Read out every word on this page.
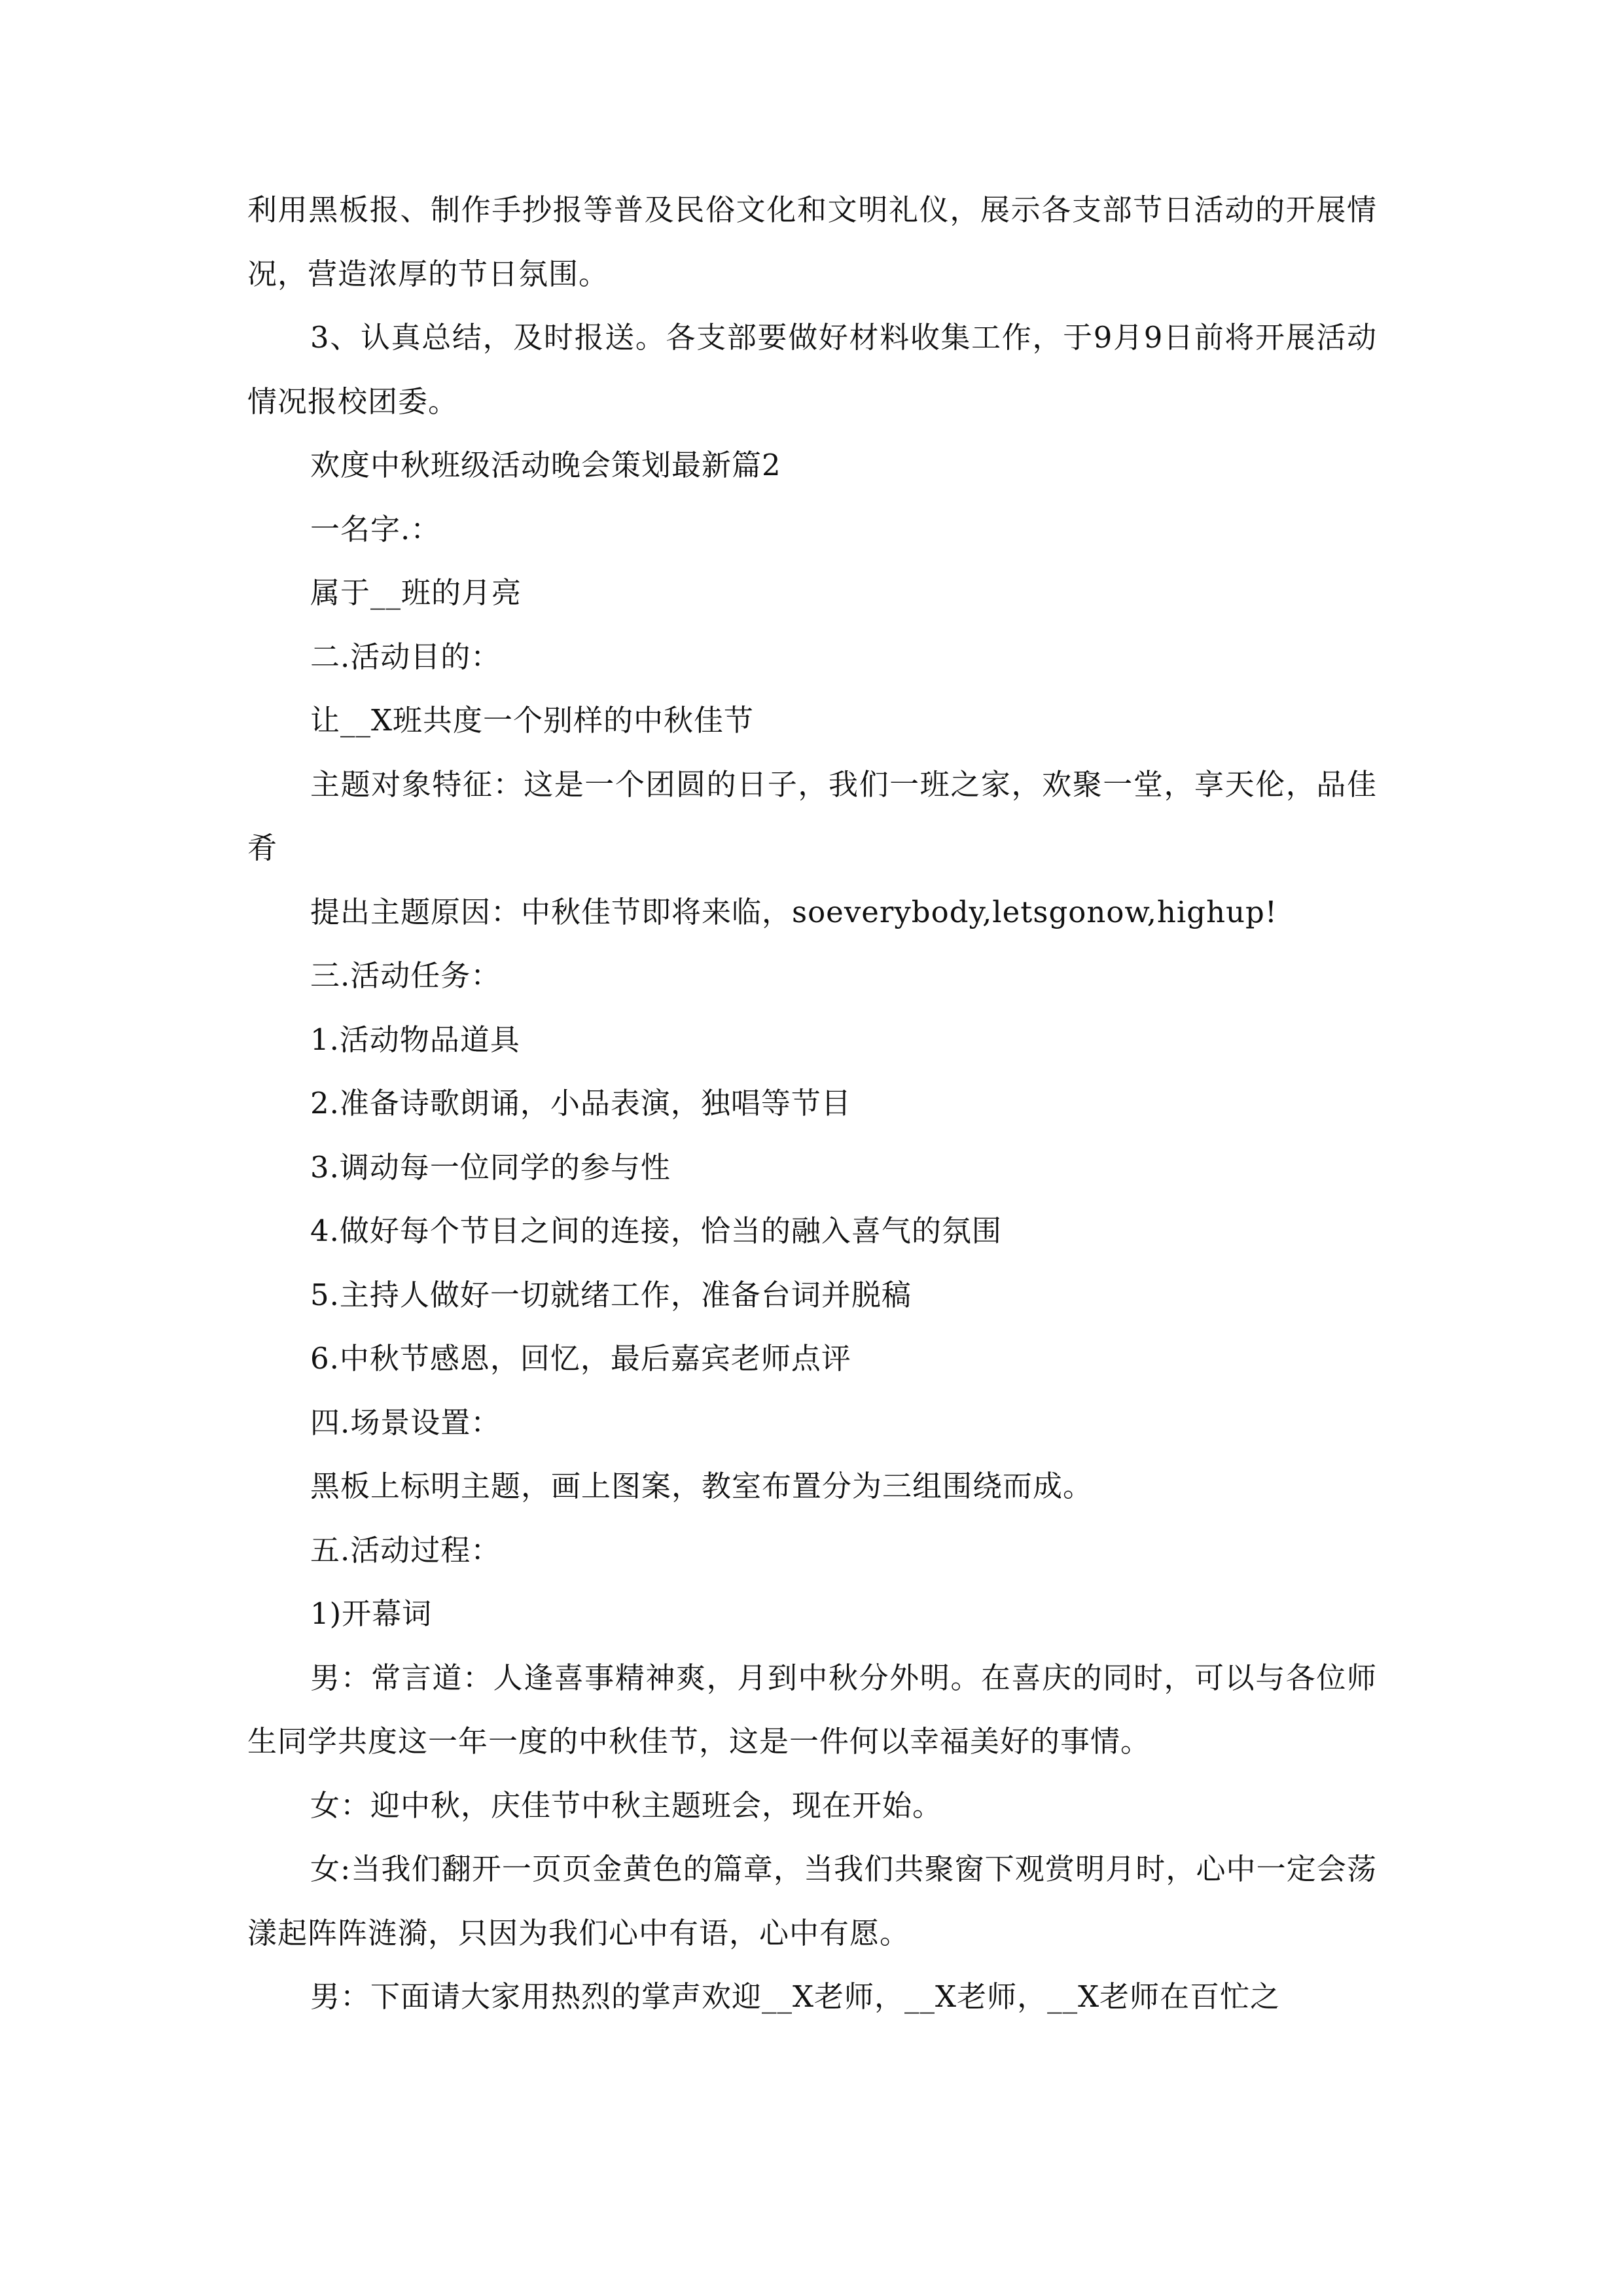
利用黑板报、制作手抄报等普及民俗文化和文明礼仪，展示各支部节日活动的开展情况，营造浓厚的节日氛围。

3、认真总结，及时报送。各支部要做好材料收集工作，于9月9日前将开展活动情况报校团委。

欢度中秋班级活动晚会策划最新篇2

一名字.：

属于__班的月亮

二.活动目的：

让__X班共度一个别样的中秋佳节

主题对象特征：这是一个团圆的日子，我们一班之家，欢聚一堂，享天伦，品佳肴

提出主题原因：中秋佳节即将来临，soeverybody,letsgonow,highup!

三.活动任务：

1.活动物品道具

2.准备诗歌朗诵，小品表演，独唱等节目

3.调动每一位同学的参与性

4.做好每个节目之间的连接，恰当的融入喜气的氛围

5.主持人做好一切就绪工作，准备台词并脱稿

6.中秋节感恩，回忆，最后嘉宾老师点评

四.场景设置：

黑板上标明主题，画上图案，教室布置分为三组围绕而成。

五.活动过程：

1)开幕词

男：常言道：人逢喜事精神爽，月到中秋分外明。在喜庆的同时，可以与各位师生同学共度这一年一度的中秋佳节，这是一件何以幸福美好的事情。

女：迎中秋，庆佳节中秋主题班会，现在开始。

女:当我们翻开一页页金黄色的篇章，当我们共聚窗下观赏明月时，心中一定会荡漾起阵阵涟漪，只因为我们心中有语，心中有愿。

男：下面请大家用热烈的掌声欢迎__X老师，__X老师，__X老师在百忙之
